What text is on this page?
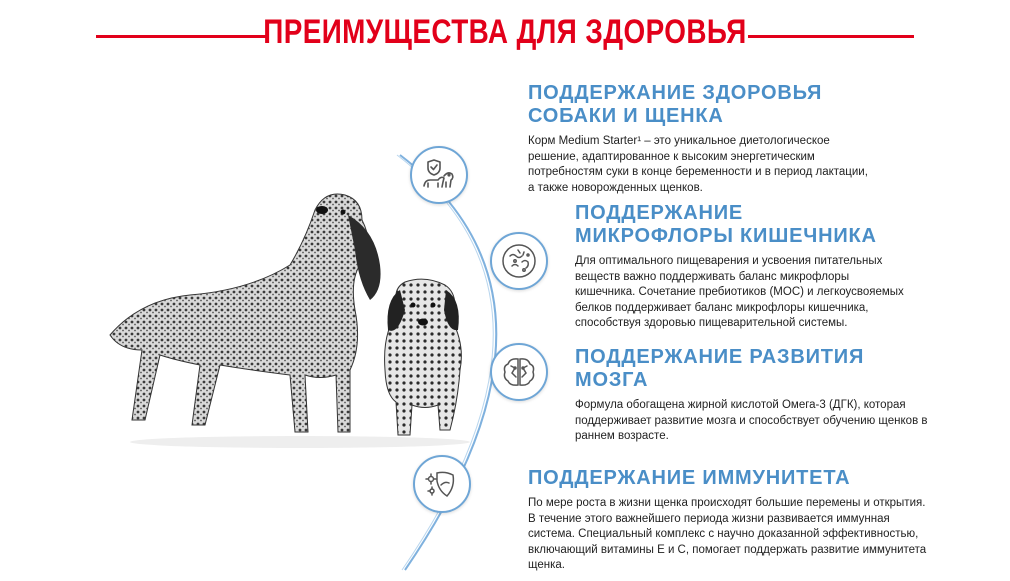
ПРЕИМУЩЕСТВА ДЛЯ ЗДОРОВЬЯ
ПОДДЕРЖАНИЕ ЗДОРОВЬЯ СОБАКИ И ЩЕНКА

Корм Medium Starter¹ – это уникальное диетологическое решение, адаптированное к высоким энергетическим потребностям суки в конце беременности и в период лактации, а также новорожденных щенков.

ПОДДЕРЖАНИЕ МИКРОФЛОРЫ КИШЕЧНИКА

Для оптимального пищеварения и усвоения питательных веществ важно поддерживать баланс микрофлоры кишечника. Сочетание пребиотиков (МОС) и легкоусвояемых белков поддерживает баланс микрофлоры кишечника, способствуя здоровью пищеварительной системы.

ПОДДЕРЖАНИЕ РАЗВИТИЯ МОЗГА

Формула обогащена жирной кислотой Омега-3 (ДГК), которая поддерживает развитие мозга и способствует обучению щенков в раннем возрасте.

ПОДДЕРЖАНИЕ ИММУНИТЕТА

По мере роста в жизни щенка происходят большие перемены и открытия. В течение этого важнейшего периода жизни развивается иммунная система. Специальный комплекс с научно доказанной эффективностью, включающий витамины Е и С, помогает поддержать развитие иммунитета щенка.
